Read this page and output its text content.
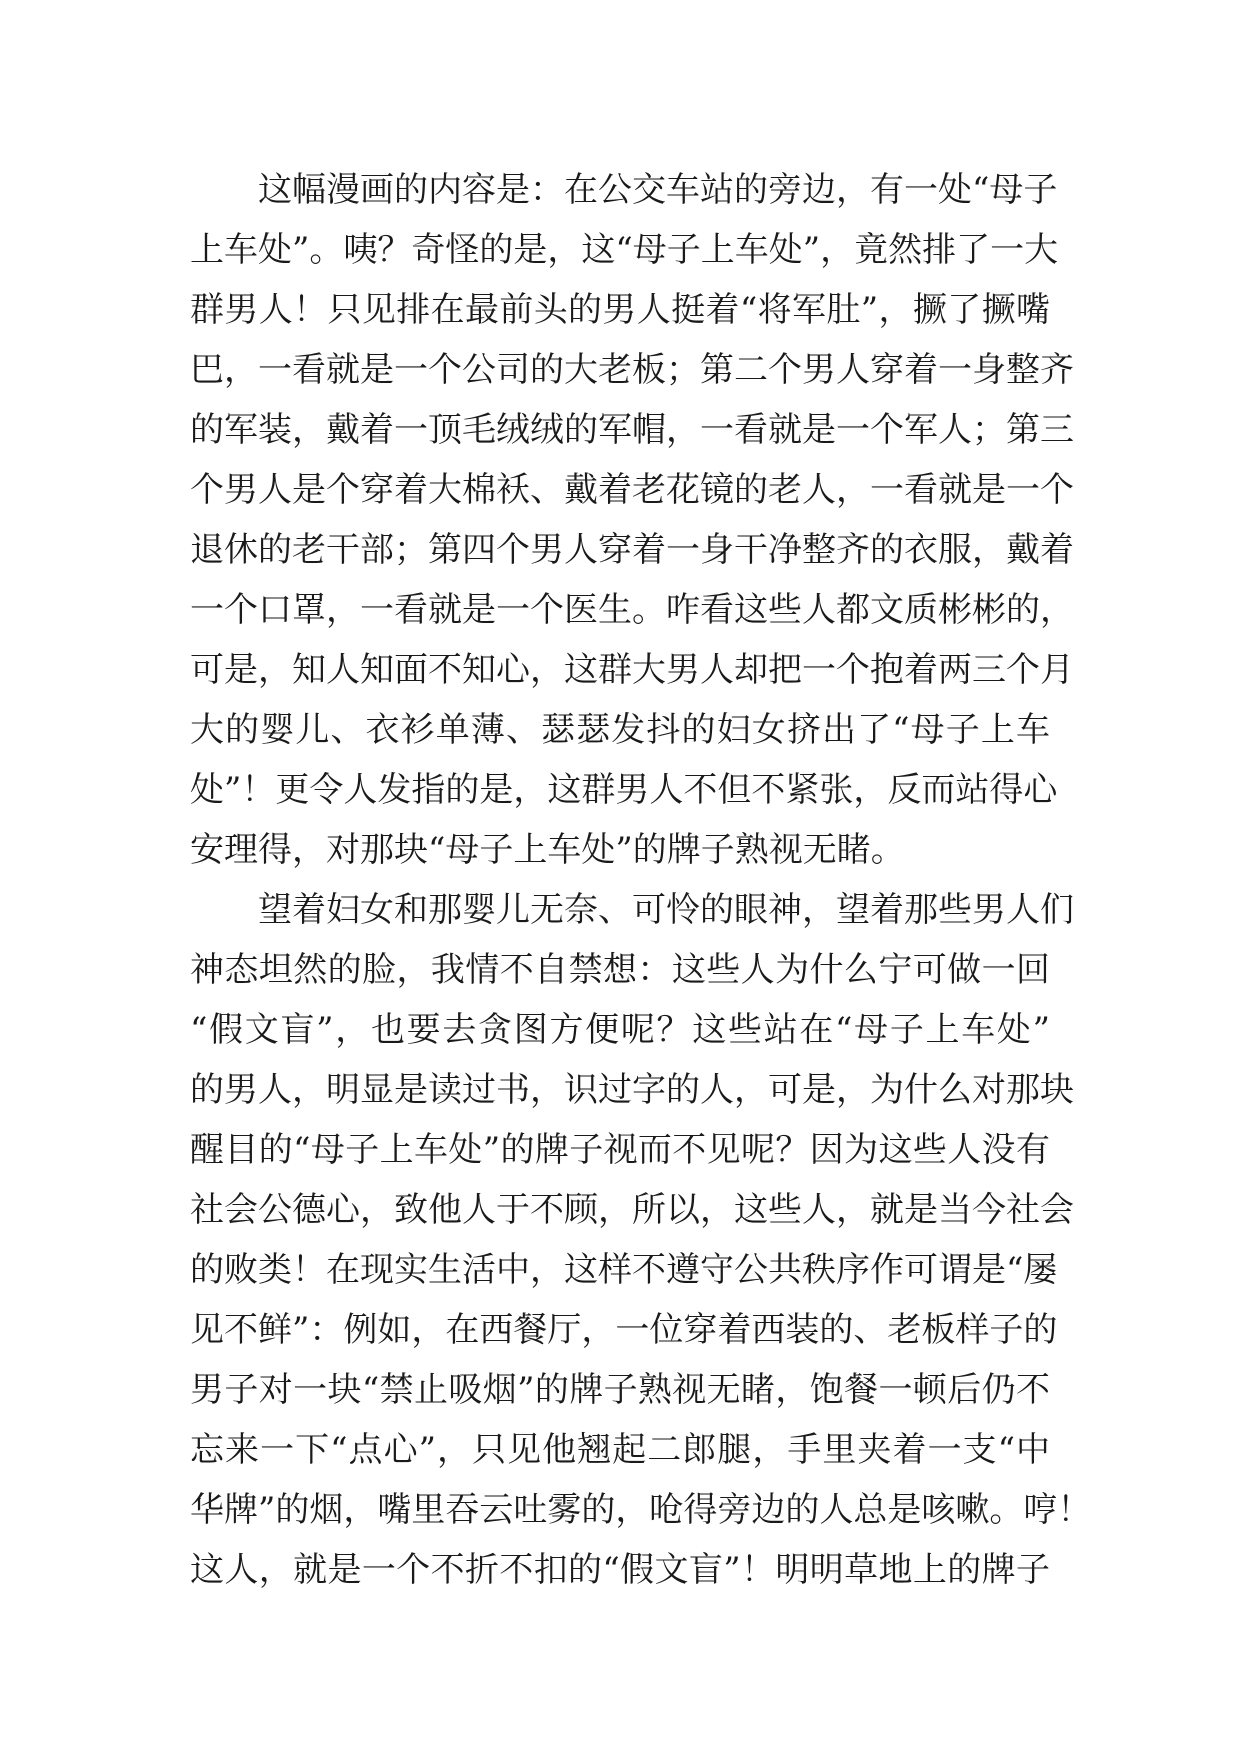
这幅漫画的内容是：在公交车站的旁边，有一处“母子
上车处”。咦？奇怪的是，这“母子上车处”，竟然排了一大
群男人！只见排在最前头的男人挺着“将军肚”，撅了撅嘴
巴，一看就是一个公司的大老板；第二个男人穿着一身整齐
的军装，戴着一顶毛绒绒的军帽，一看就是一个军人；第三
个男人是个穿着大棉袄、戴着老花镜的老人，一看就是一个
退休的老干部；第四个男人穿着一身干净整齐的衣服，戴着
一个口罩，一看就是一个医生。咋看这些人都文质彬彬的，
可是，知人知面不知心，这群大男人却把一个抱着两三个月
大的婴儿、衣衫单薄、瑟瑟发抖的妇女挤出了“母子上车
处”！更令人发指的是，这群男人不但不紧张，反而站得心
安理得，对那块“母子上车处”的牌子熟视无睹。
望着妇女和那婴儿无奈、可怜的眼神，望着那些男人们
神态坦然的脸，我情不自禁想：这些人为什么宁可做一回
“假文盲”，也要去贪图方便呢？这些站在“母子上车处”
的男人，明显是读过书，识过字的人，可是，为什么对那块
醒目的“母子上车处”的牌子视而不见呢？因为这些人没有
社会公德心，致他人于不顾，所以，这些人，就是当今社会
的败类！在现实生活中，这样不遵守公共秩序作可谓是“屡
见不鲜”：例如，在西餐厅，一位穿着西装的、老板样子的
男子对一块“禁止吸烟”的牌子熟视无睹，饱餐一顿后仍不
忘来一下“点心”，只见他翘起二郎腿，手里夹着一支“中
华牌”的烟，嘴里吞云吐雾的，呛得旁边的人总是咳嗽。哼！
这人，就是一个不折不扣的“假文盲”！明明草地上的牌子
